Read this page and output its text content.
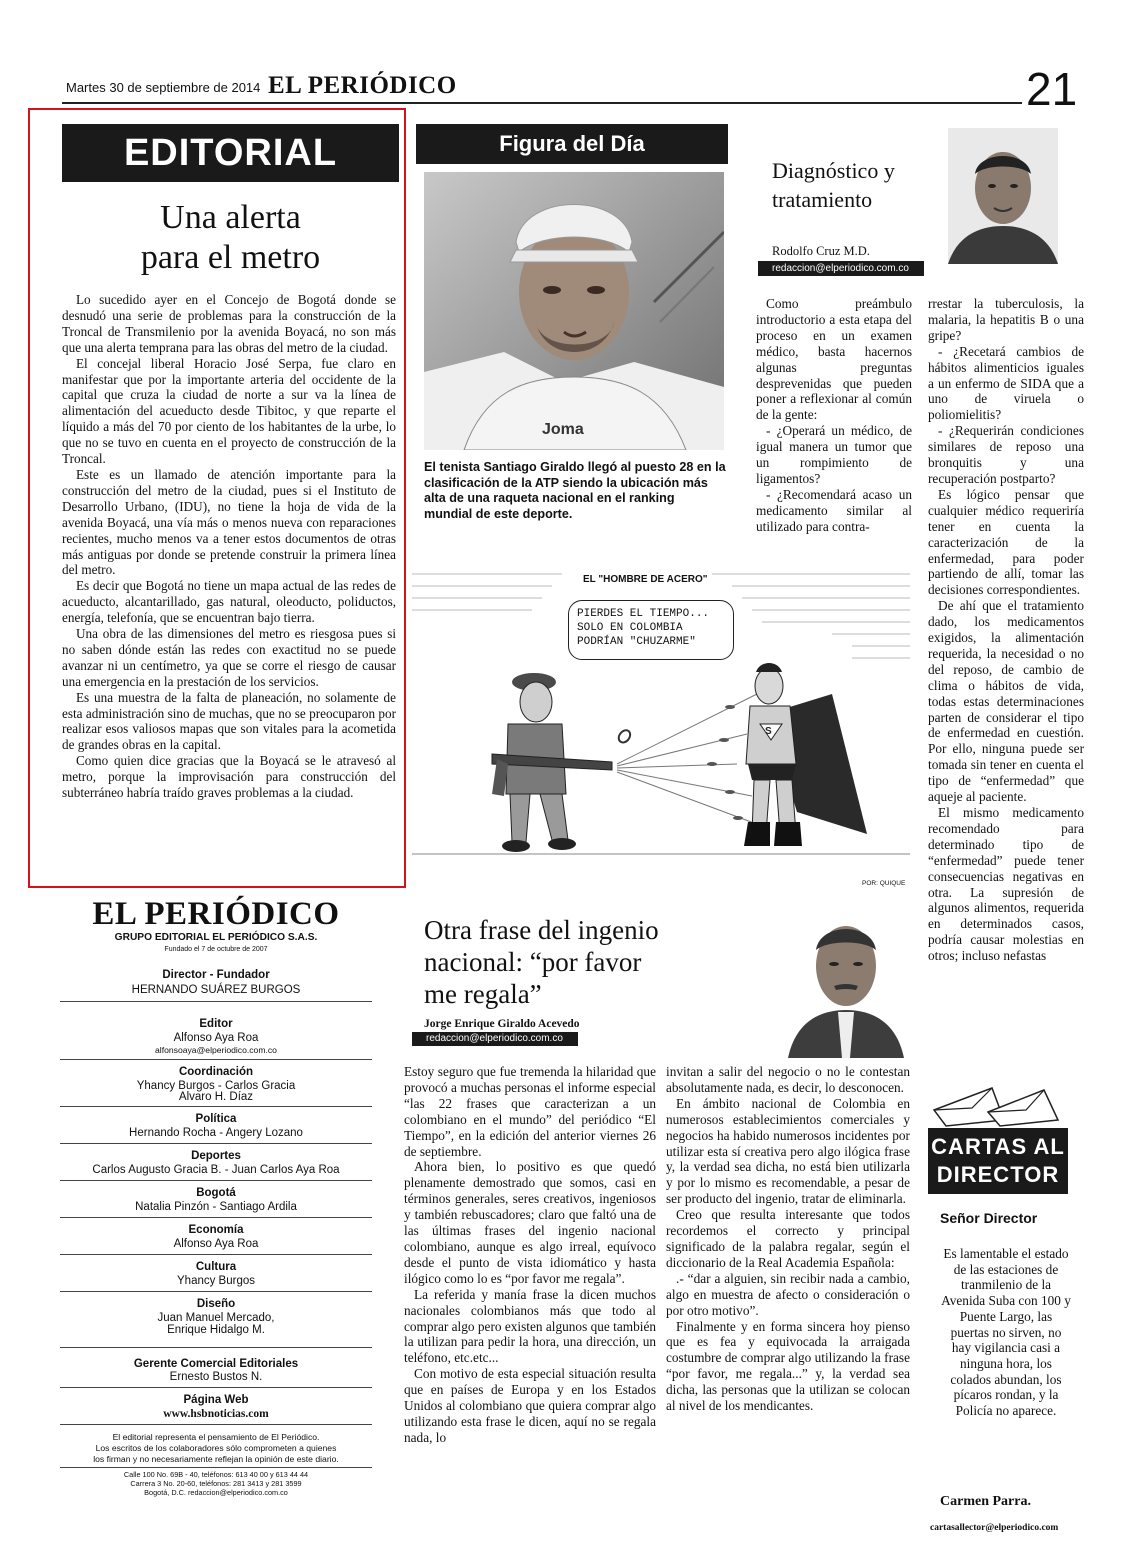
Martes 30 de septiembre de 2014 EL PERIÓDICO	21
EDITORIAL
Una alerta
para el metro

Lo sucedido ayer en el Concejo de Bogotá donde se desnudó una serie de problemas para la construcción de la Troncal de Transmilenio por la avenida Boyacá, no son más que una alerta temprana para las obras del metro de la ciudad.

El concejal liberal Horacio José Serpa, fue claro en manifestar que por la importante arteria del occidente de la capital que cruza la ciudad de norte a sur va la línea de alimentación del acueducto desde Tibitoc, y que reparte el líquido a más del 70 por ciento de los habitantes de la urbe, lo que no se tuvo en cuenta en el proyecto de construcción de la Troncal.

Este es un llamado de atención importante para la construcción del metro de la ciudad, pues si el Instituto de Desarrollo Urbano, (IDU), no tiene la hoja de vida de la avenida Boyacá, una vía más o menos nueva con reparaciones recientes, mucho menos va a tener estos documentos de otras más antiguas por donde se pretende construir la primera línea del metro.

Es decir que Bogotá no tiene un mapa actual de las redes de acueducto, alcantarillado, gas natural, oleoducto, poliductos, energía, telefonía, que se encuentran bajo tierra.

Una obra de las dimensiones del metro es riesgosa pues si no saben dónde están las redes con exactitud no se puede avanzar ni un centímetro, ya que se corre el riesgo de causar una emergencia en la prestación de los servicios.

Es una muestra de la falta de planeación, no solamente de esta administración sino de muchas, que no se preocuparon por realizar esos valiosos mapas que son vitales para la acometida de grandes obras en la capital.

Como quien dice gracias que la Boyacá se le atravesó al metro, porque la improvisación para construcción del subterráneo habría traído graves problemas a la ciudad.

Figura del Día
Joma
El tenista Santiago Giraldo llegó al puesto 28 en la clasificación de la ATP siendo la ubicación más alta de una raqueta nacional en el ranking mundial de este deporte.
Diagnóstico y
tratamiento
Rodolfo Cruz M.D.
redaccion@elperiodico.com.co

Como preámbulo introductorio a esta etapa del proceso en un examen médico, basta hacernos algunas preguntas desprevenidas que pueden poner a reflexionar al común de la gente:

- ¿Operará un médico, de igual manera un tumor que un rompimiento de ligamentos?

- ¿Recomendará acaso un medicamento similar al utilizado para contra-

rrestar la tuberculosis, la malaria, la hepatitis B o una gripe?

- ¿Recetará cambios de hábitos alimenticios iguales a un enfermo de SIDA que a uno de viruela o poliomielitis?

- ¿Requerirán condiciones similares de reposo una bronquitis y una recuperación postparto?

Es lógico pensar que cualquier médico requeriría tener en cuenta la caracterización de la enfermedad, para poder partiendo de allí, tomar las decisiones correspondientes.

De ahí que el tratamiento dado, los medicamentos exigidos, la alimentación requerida, la necesidad o no del reposo, de cambio de clima o hábitos de vida, todas estas determinaciones parten de considerar el tipo de enfermedad en cuestión. Por ello, ninguna puede ser tomada sin tener en cuenta el tipo de “enfermedad” que aqueje al paciente.

El mismo medicamento recomendado para determinado tipo de “enfermedad” puede tener consecuencias negativas en otra. La supresión de algunos alimentos, requerida en determinados casos, podría causar molestias en otros; incluso nefastas

S
EL "HOMBRE DE ACERO"
PIERDES EL TIEMPO...
SOLO EN COLOMBIA
PODRÍAN "CHUZARME"
POR: QUIQUE
EL PERIÓDICO
GRUPO EDITORIAL EL PERIÓDICO S.A.S.
Fundado el 7 de octubre de 2007
Director - Fundador
HERNANDO SUÁREZ BURGOS
Editor
Alfonso Aya Roa
alfonsoaya@elperiodico.com.co
Coordinación
Yhancy Burgos - Carlos Gracia
Alvaro H. Díaz
Política
Hernando Rocha - Angery Lozano
Deportes
Carlos Augusto Gracia B. - Juan Carlos Aya Roa
Bogotá
Natalia Pinzón - Santiago Ardila
Economía
Alfonso Aya Roa
Cultura
Yhancy Burgos
Diseño
Juan Manuel Mercado,
Enrique Hidalgo M.
Gerente Comercial Editoriales
Ernesto Bustos N.
Página Web
www.hsbnoticias.com
El editorial representa el pensamiento de El Periódico.
Los escritos de los colaboradores sólo comprometen a quienes
los firman y no necesariamente reflejan la opinión de este diario.
Calle 100 No. 69B - 40, teléfonos: 613 40 00 y 613 44 44
Carrera 3 No. 20-60, teléfonos: 281 3413 y 281 3599
Bogotá, D.C. redaccion@elperiodico.com.co
Otra frase del ingenio
nacional: “por favor
me regala”
Jorge Enrique Giraldo Acevedo
redaccion@elperiodico.com.co

Estoy seguro que fue tremenda la hilaridad que provocó a muchas personas el informe especial “las 22 frases que caracterizan a un colombiano en el mundo” del periódico “El Tiempo”, en la edición del anterior viernes 26 de septiembre.

Ahora bien, lo positivo es que quedó plenamente demostrado que somos, casi en términos generales, seres creativos, ingeniosos y también rebuscadores; claro que faltó una de las últimas frases del ingenio nacional colombiano, aunque es algo irreal, equívoco desde el punto de vista idiomático y hasta ilógico como lo es “por favor me regala”.

La referida y manía frase la dicen muchos nacionales colombianos más que todo al comprar algo pero existen algunos que también la utilizan para pedir la hora, una dirección, un teléfono, etc.etc...

Con motivo de esta especial situación resulta que en países de Europa y en los Estados Unidos al colombiano que quiera comprar algo utilizando esta frase le dicen, aquí no se regala nada, lo

invitan a salir del negocio o no le contestan absolutamente nada, es decir, lo desconocen.

En ámbito nacional de Colombia en numerosos establecimientos comerciales y negocios ha habido numerosos incidentes por utilizar esta sí creativa pero algo ilógica frase y, la verdad sea dicha, no está bien utilizarla y por lo mismo es recomendable, a pesar de ser producto del ingenio, tratar de eliminarla.

Creo que resulta interesante que todos recordemos el correcto y principal significado de la palabra regalar, según el diccionario de la Real Academia Española:

.- “dar a alguien, sin recibir nada a cambio, algo en muestra de afecto o consideración o por otro motivo”.

Finalmente y en forma sincera hoy pienso que es fea y equivocada la arraigada costumbre de comprar algo utilizando la frase “por favor, me regala...” y, la verdad sea dicha, las personas que la utilizan se colocan al nivel de los mendicantes.

CARTAS AL
DIRECTOR
Señor Director
Es lamentable el estado de las estaciones de tranmilenio de la Avenida Suba con 100 y Puente Largo, las puertas no sirven, no hay vigilancia casi a ninguna hora, los colados abundan, los pícaros rondan, y la Policía no aparece.
Carmen Parra.
cartasallector@elperiodico.com
